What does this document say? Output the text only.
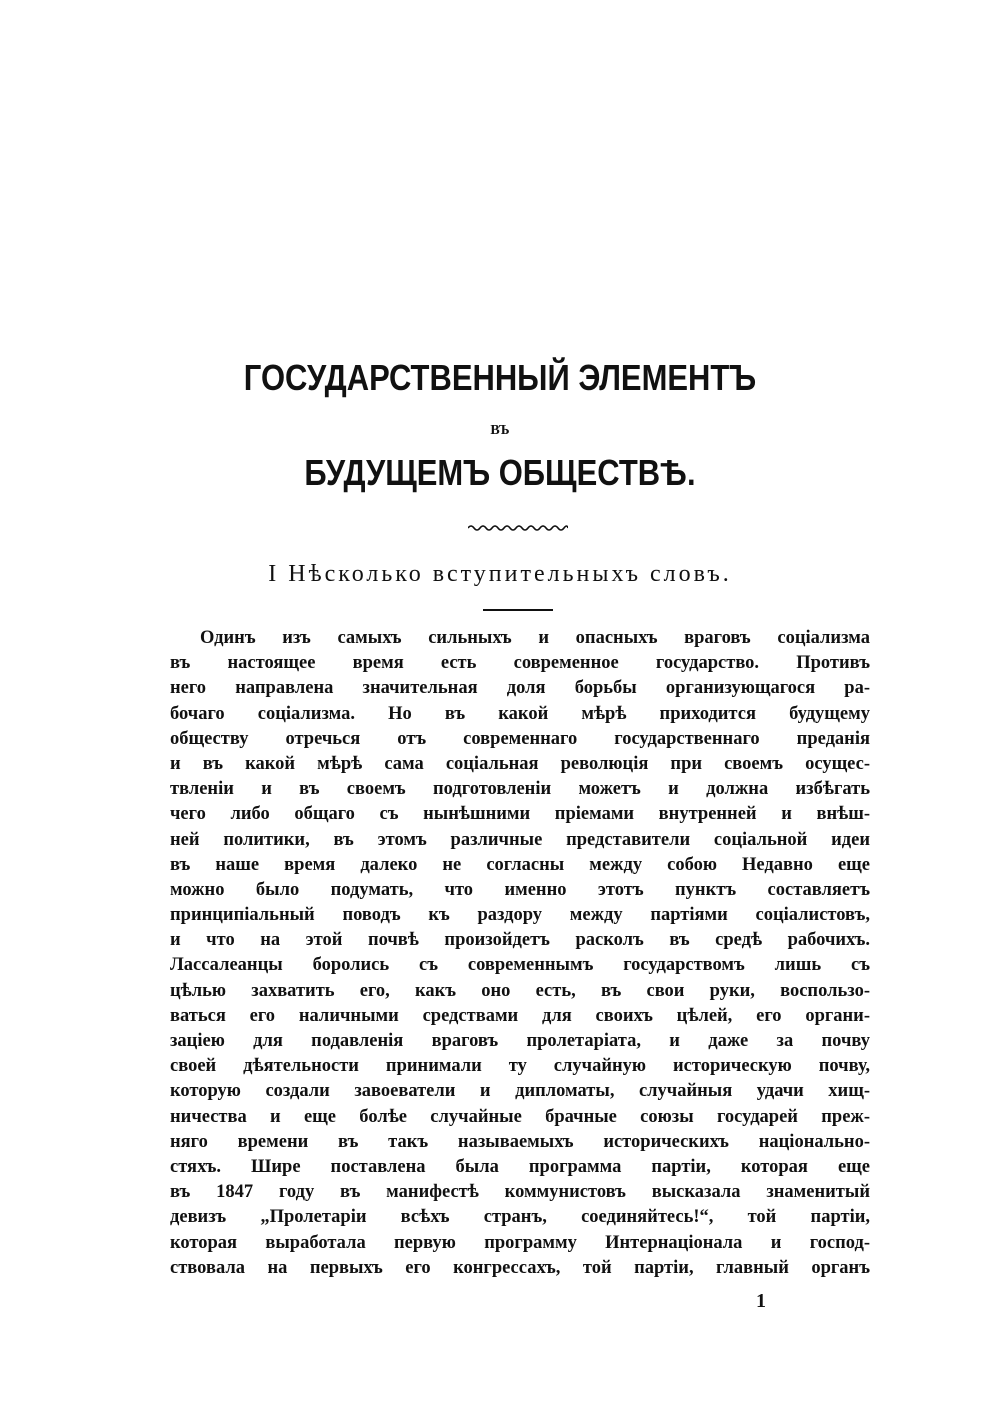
ГОСУДАРСТВЕННЫЙ ЭЛЕМЕНТЪ
ВЪ
БУДУЩЕМЪ ОБЩЕСТВѢ.
I Нѣсколько вступительныхъ словъ.
Одинъ изъ самыхъ сильныхъ и опасныхъ враговъ соціализма
въ настоящее время есть современное государство. Противъ
него направлена значительная доля борьбы организующагося ра-
бочаго соціализма. Но въ какой мѣрѣ приходится будущему
обществу отречься отъ современнаго государственнаго преданія
и въ какой мѣрѣ сама соціальная революція при своемъ осущес-
твленіи и въ своемъ подготовленіи можетъ и должна избѣгать
чего либо общаго съ нынѣшними пріемами внутренней и внѣш-
ней политики, въ этомъ различные представители соціальной идеи
въ наше время далеко не согласны между собою Недавно еще
можно было подумать, что именно этотъ пунктъ составляетъ
принципіальный поводъ къ раздору между партіями соціалистовъ,
и что на этой почвѣ произойдетъ расколъ въ средѣ рабочихъ.
Лассалеанцы боролись съ современнымъ государствомъ лишь съ
цѣлью захватить его, какъ оно есть, въ свои руки, воспользо-
ваться его наличными средствами для своихъ цѣлей, его органи-
заціею для подавленія враговъ пролетаріата, и даже за почву
своей дѣятельности принимали ту случайную историческую почву,
которую создали завоеватели и дипломаты, случайныя удачи хищ-
ничества и еще болѣе случайные брачные союзы государей преж-
няго времени въ такъ называемыхъ историческихъ національно-
стяхъ. Шире поставлена была программа партіи, которая еще
въ 1847 году въ манифестѣ коммунистовъ высказала знаменитый
девизъ „Пролетаріи всѣхъ странъ, соединяйтесь!“, той партіи,
которая выработала первую программу Интернаціонала и господ-
ствовала на первыхъ его конгрессахъ, той партіи, главный органъ
1
